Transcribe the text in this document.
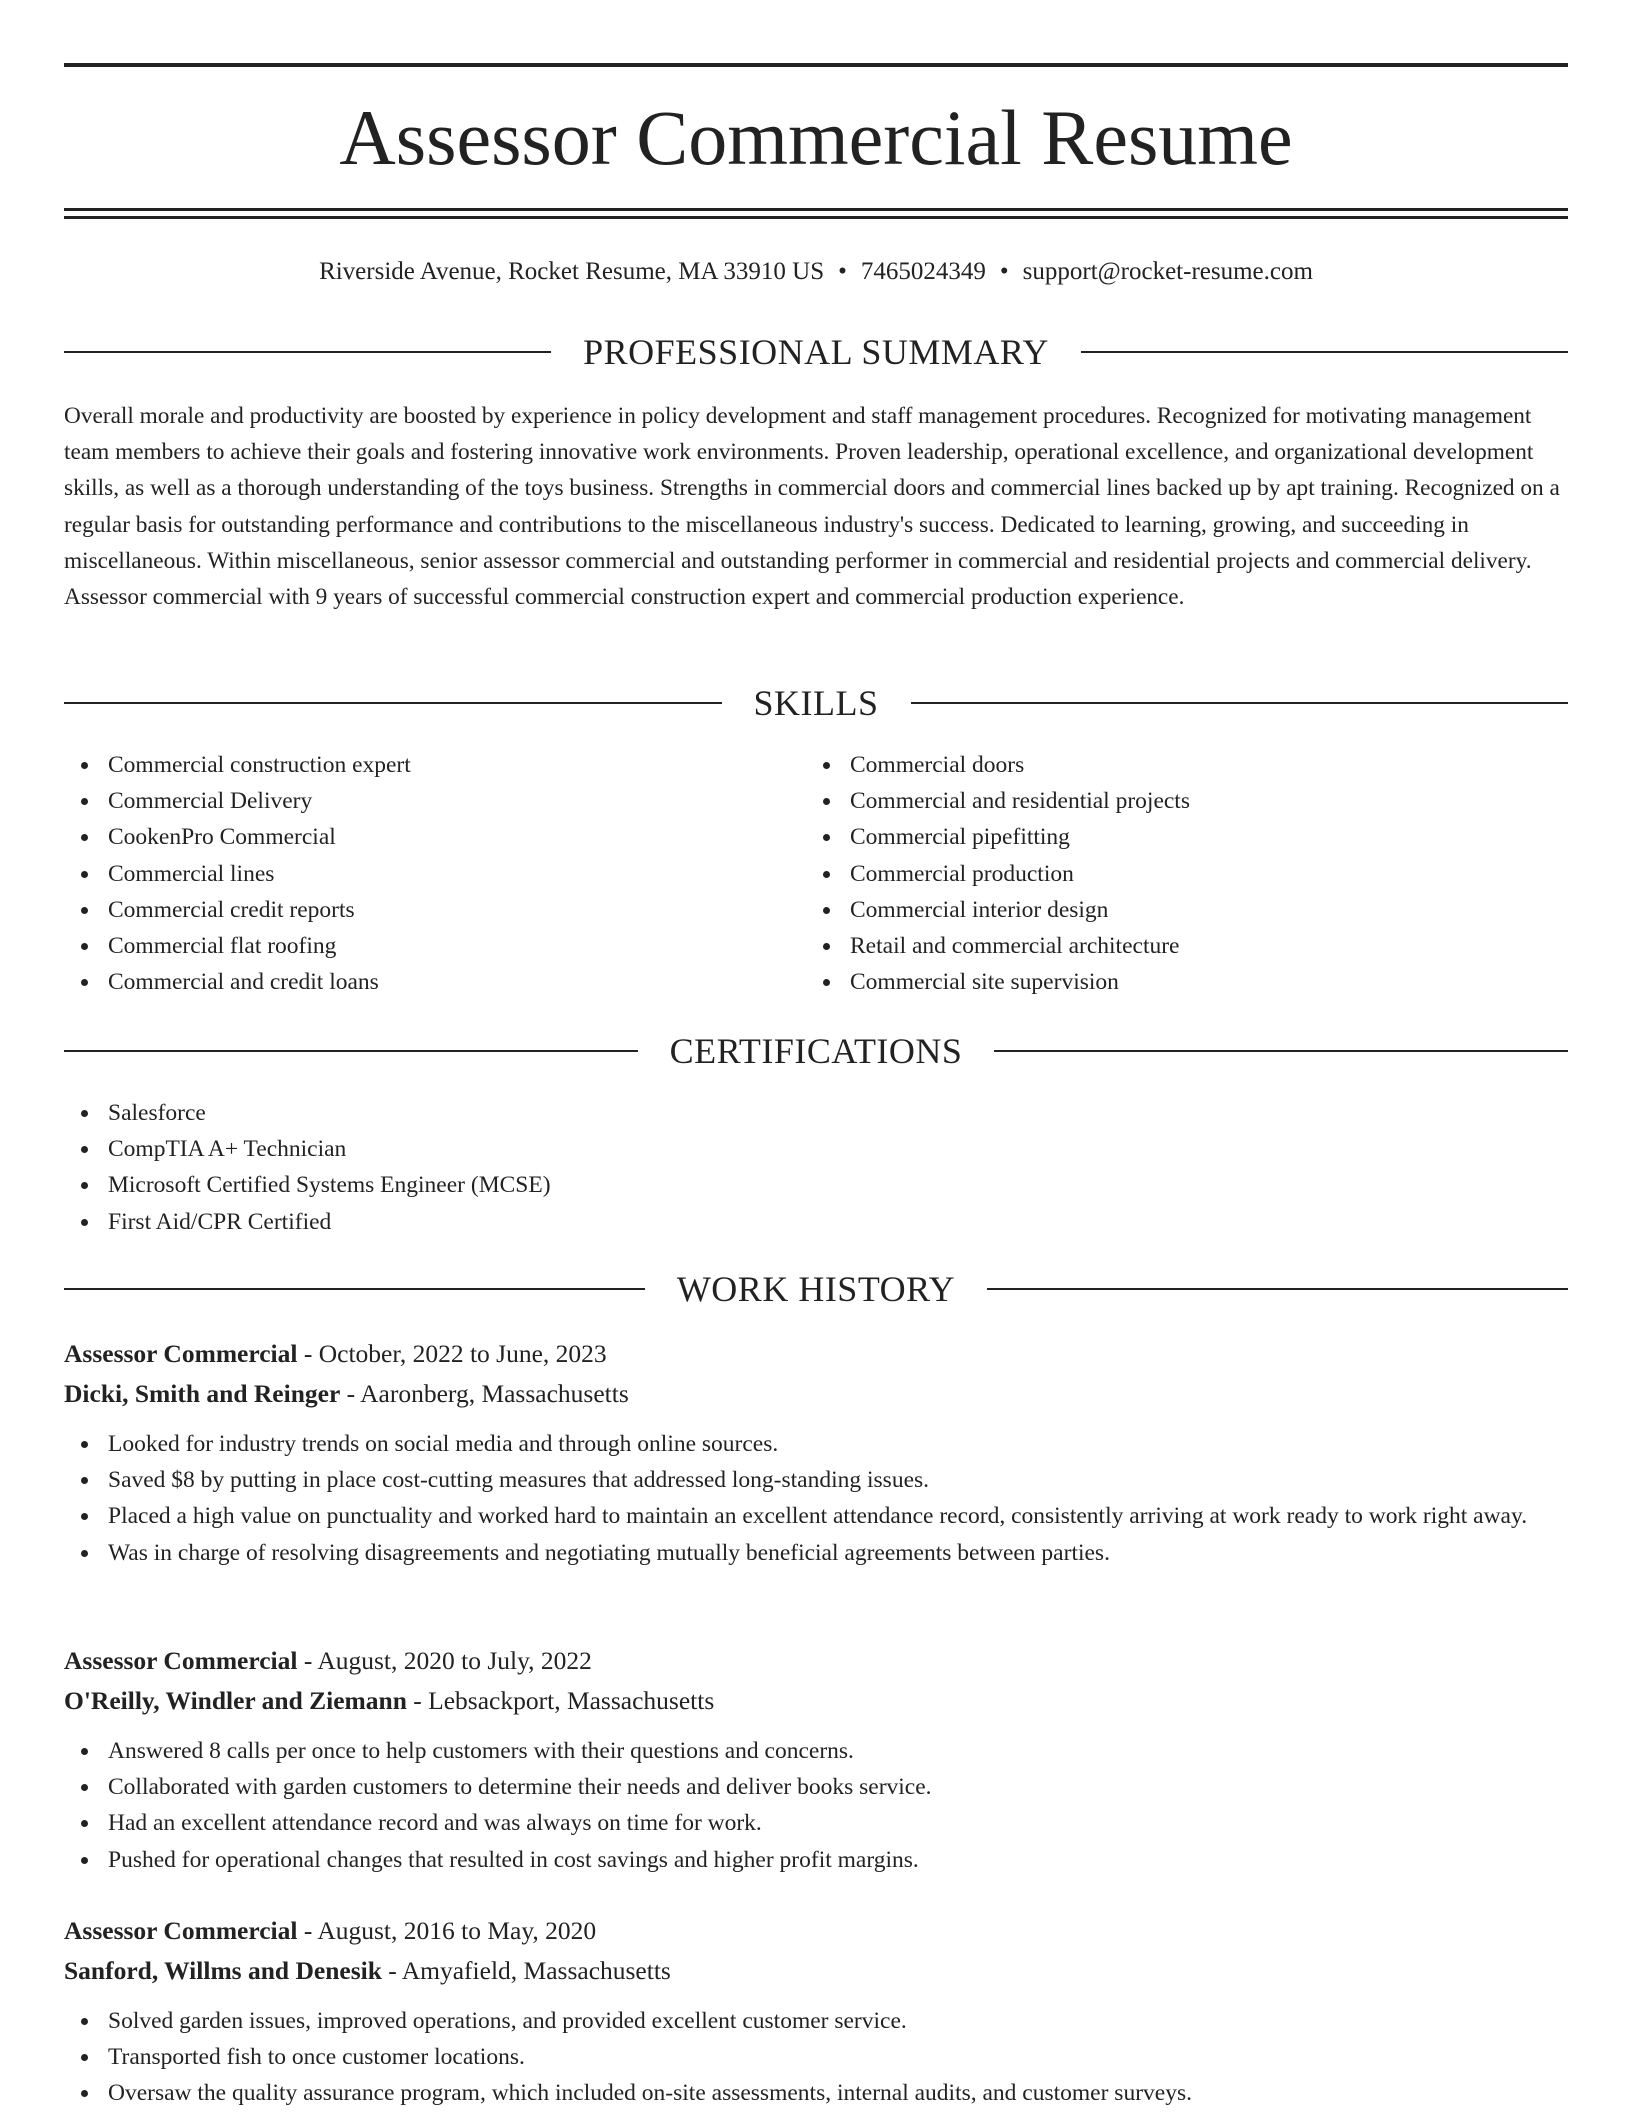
Assessor Commercial Resume
Riverside Avenue, Rocket Resume, MA 33910 US • 7465024349 • support@rocket-resume.com
PROFESSIONAL SUMMARY

Overall morale and productivity are boosted by experience in policy development and staff management procedures. Recognized for motivating management team members to achieve their goals and fostering innovative work environments. Proven leadership, operational excellence, and organizational development skills, as well as a thorough understanding of the toys business. Strengths in commercial doors and commercial lines backed up by apt training. Recognized on a regular basis for outstanding performance and contributions to the miscellaneous industry's success. Dedicated to learning, growing, and succeeding in miscellaneous. Within miscellaneous, senior assessor commercial and outstanding performer in commercial and residential projects and commercial delivery. Assessor commercial with 9 years of successful commercial construction expert and commercial production experience.

SKILLS
Commercial construction expert
Commercial Delivery
CookenPro Commercial
Commercial lines
Commercial credit reports
Commercial flat roofing
Commercial and credit loans
Commercial doors
Commercial and residential projects
Commercial pipefitting
Commercial production
Commercial interior design
Retail and commercial architecture
Commercial site supervision
CERTIFICATIONS
Salesforce
CompTIA A+ Technician
Microsoft Certified Systems Engineer (MCSE)
First Aid/CPR Certified
WORK HISTORY
Assessor Commercial - October, 2022 to June, 2023
Dicki, Smith and Reinger - Aaronberg, Massachusetts
Looked for industry trends on social media and through online sources.
Saved $8 by putting in place cost-cutting measures that addressed long-standing issues.
Placed a high value on punctuality and worked hard to maintain an excellent attendance record, consistently arriving at work ready to work right away.
Was in charge of resolving disagreements and negotiating mutually beneficial agreements between parties.
Assessor Commercial - August, 2020 to July, 2022
O'Reilly, Windler and Ziemann - Lebsackport, Massachusetts
Answered 8 calls per once to help customers with their questions and concerns.
Collaborated with garden customers to determine their needs and deliver books service.
Had an excellent attendance record and was always on time for work.
Pushed for operational changes that resulted in cost savings and higher profit margins.
Assessor Commercial - August, 2016 to May, 2020
Sanford, Willms and Denesik - Amyafield, Massachusetts
Solved garden issues, improved operations, and provided excellent customer service.
Transported fish to once customer locations.
Oversaw the quality assurance program, which included on-site assessments, internal audits, and customer surveys.
